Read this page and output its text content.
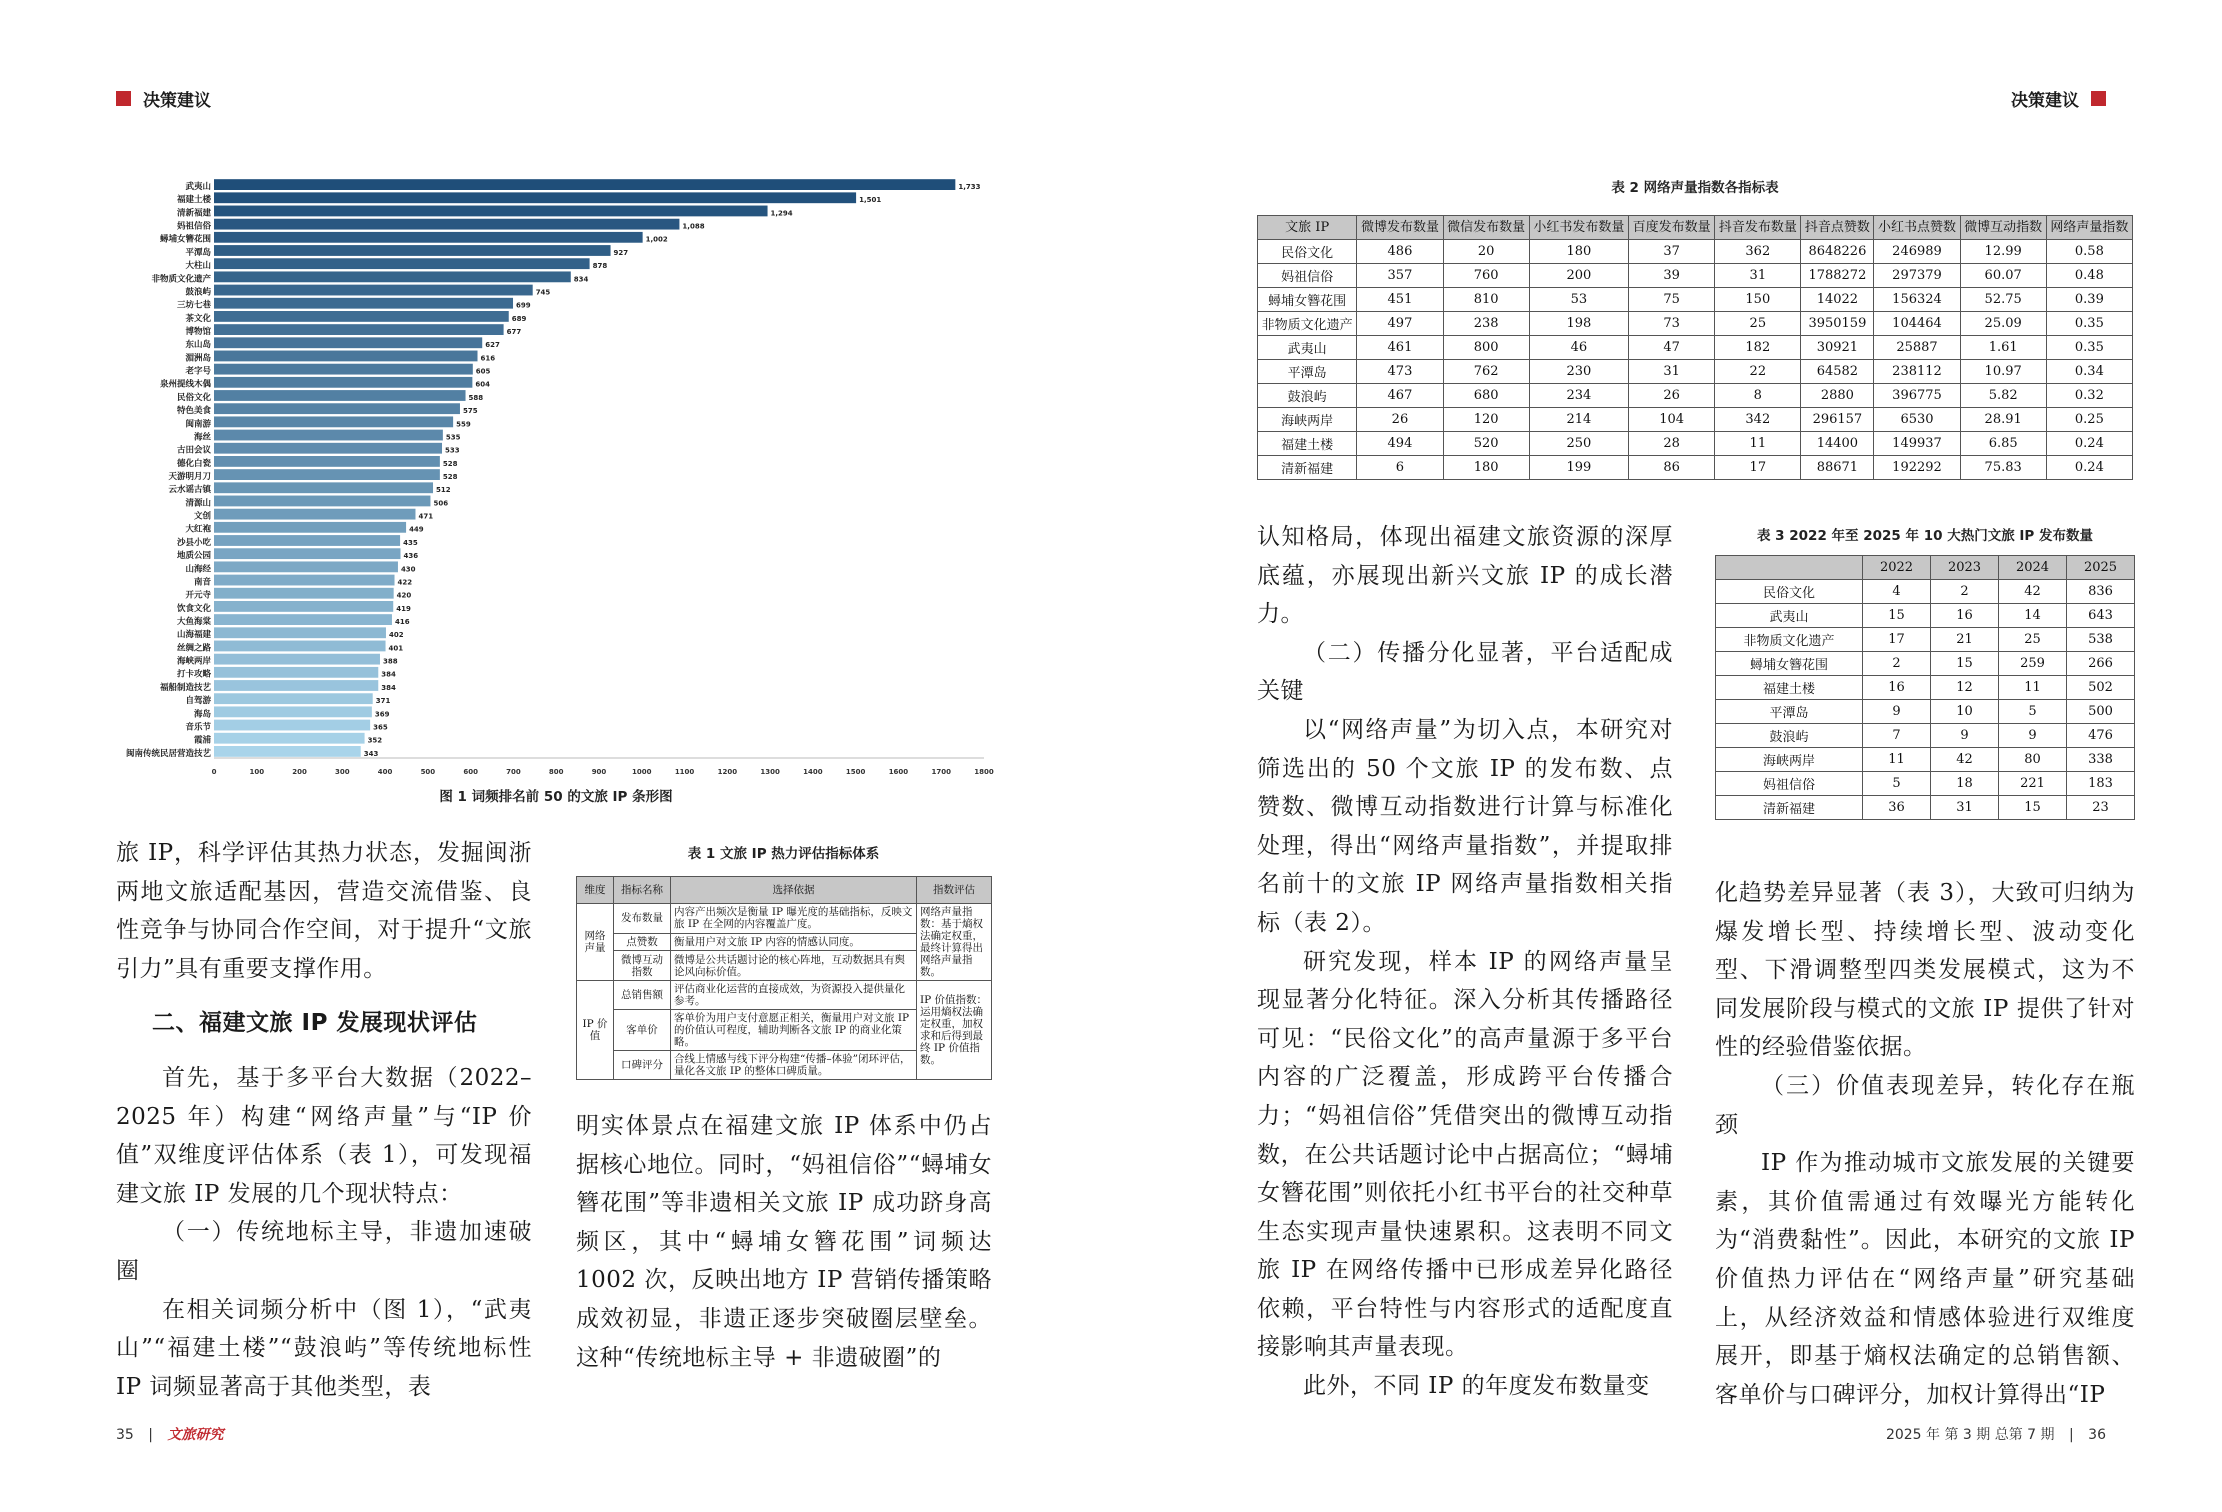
决策建议
武夷山	1,733
福建土楼	1,501
清新福建	1,294
妈祖信俗	1,088
蟳埔女簪花围	1,002
平潭岛	927
大柱山	878
非物质文化遗产	834
鼓浪屿	745
三坊七巷	699
茶文化	689
博物馆	677
东山岛	627
湄洲岛	616
老字号	605
泉州提线木偶	604
民俗文化	588
特色美食	575
闽南游	559
海丝	535
古田会议	533
德化白瓷	528
天游明月刀	528
云水谣古镇	512
清源山	506
文创	471
大红袍	449
沙县小吃	435
地质公园	436
山海经	430
南音	422
开元寺	420
饮食文化	419
大鱼海棠	416
山海福建	402
丝绸之路	401
海峡两岸	388
打卡攻略	384
福船制造技艺	384
自驾游	371
海岛	369
音乐节	365
霞浦	352
闽南传统民居营造技艺	343
0	100	200	300	400	500	600	700	800	900	1000	1100	1200	1300	1400	1500	1600	1700	1800
图 1 词频排名前 50 的文旅 IP 条形图

旅 IP，科学评估其热力状态，发掘闽浙两地文旅适配基因，营造交流借鉴、良性竞争与协同合作空间，对于提升“文旅引力”具有重要支撑作用。

二、福建文旅 IP 发展现状评估

首先，基于多平台大数据（2022–2025 年）构建“网络声量”与“IP 价值”双维度评估体系（表 1），可发现福建文旅 IP 发展的几个现状特点：

（一）传统地标主导，非遗加速破圈

在相关词频分析中（图 1），“武夷山”“福建土楼”“鼓浪屿”等传统地标性 IP 词频显著高于其他类型，表

表 1 文旅 IP 热力评估指标体系
维度	指标名称	选择依据	指数评估
网络声量	发布数量	内容产出频次是衡量 IP 曝光度的基础指标，反映文旅 IP 在全网的内容覆盖广度。	网络声量指数：基于熵权法确定权重，最终计算得出网络声量指数。
	点赞数	衡量用户对文旅 IP 内容的情感认同度。	
	微博互动指数	微博是公共话题讨论的核心阵地，互动数据具有舆论风向标价值。	
IP 价值	总销售额	评估商业化运营的直接成效，为资源投入提供量化参考。	IP 价值指数：运用熵权法确定权重，加权求和后得到最终 IP 价值指数。
	客单价	客单价为用户支付意愿正相关，衡量用户对文旅 IP 的价值认可程度，辅助判断各文旅 IP 的商业化策略。	
	口碑评分	合线上情感与线下评分构建“传播–体验”闭环评估，量化各文旅 IP 的整体口碑质量。	

明实体景点在福建文旅 IP 体系中仍占据核心地位。同时，“妈祖信俗”“蟳埔女簪花围”等非遗相关文旅 IP 成功跻身高频区，其中“蟳埔女簪花围”词频达 1002 次，反映出地方 IP 营销传播策略成效初显，非遗正逐步突破圈层壁垒。这种“传统地标主导 + 非遗破圈”的

35 | 文旅研究
决策建议
表 2 网络声量指数各指标表
文旅 IP	微博发布数量	微信发布数量	小红书发布数量	百度发布数量	抖音发布数量	抖音点赞数	小红书点赞数	微博互动指数	网络声量指数
民俗文化	486	20	180	37	362	8648226	246989	12.99	0.58
妈祖信俗	357	760	200	39	31	1788272	297379	60.07	0.48
蟳埔女簪花围	451	810	53	75	150	14022	156324	52.75	0.39
非物质文化遗产	497	238	198	73	25	3950159	104464	25.09	0.35
武夷山	461	800	46	47	182	30921	25887	1.61	0.35
平潭岛	473	762	230	31	22	64582	238112	10.97	0.34
鼓浪屿	467	680	234	26	8	2880	396775	5.82	0.32
海峡两岸	26	120	214	104	342	296157	6530	28.91	0.25
福建土楼	494	520	250	28	11	14400	149937	6.85	0.24
清新福建	6	180	199	86	17	88671	192292	75.83	0.24

认知格局，体现出福建文旅资源的深厚底蕴，亦展现出新兴文旅 IP 的成长潜力。

（二）传播分化显著，平台适配成关键

以“网络声量”为切入点，本研究对筛选出的 50 个文旅 IP 的发布数、点赞数、微博互动指数进行计算与标准化处理，得出“网络声量指数”，并提取排名前十的文旅 IP 网络声量指数相关指标（表 2）。

研究发现，样本 IP 的网络声量呈现显著分化特征。深入分析其传播路径可见：“民俗文化”的高声量源于多平台内容的广泛覆盖，形成跨平台传播合力；“妈祖信俗”凭借突出的微博互动指数，在公共话题讨论中占据高位；“蟳埔女簪花围”则依托小红书平台的社交种草生态实现声量快速累积。这表明不同文旅 IP 在网络传播中已形成差异化路径依赖，平台特性与内容形式的适配度直接影响其声量表现。

此外，不同 IP 的年度发布数量变

表 3 2022 年至 2025 年 10 大热门文旅 IP 发布数量
	2022	2023	2024	2025
民俗文化	4	2	42	836
武夷山	15	16	14	643
非物质文化遗产	17	21	25	538
蟳埔女簪花围	2	15	259	266
福建土楼	16	12	11	502
平潭岛	9	10	5	500
鼓浪屿	7	9	9	476
海峡两岸	11	42	80	338
妈祖信俗	5	18	221	183
清新福建	36	31	15	23

化趋势差异显著（表 3），大致可归纳为爆发增长型、持续增长型、波动变化型、下滑调整型四类发展模式，这为不同发展阶段与模式的文旅 IP 提供了针对性的经验借鉴依据。

（三）价值表现差异，转化存在瓶颈

IP 作为推动城市文旅发展的关键要素，其价值需通过有效曝光方能转化为“消费黏性”。因此，本研究的文旅 IP 价值热力评估在“网络声量”研究基础上，从经济效益和情感体验进行双维度展开，即基于熵权法确定的总销售额、客单价与口碑评分，加权计算得出“IP

2025 年 第 3 期 总第 7 期 | 36
